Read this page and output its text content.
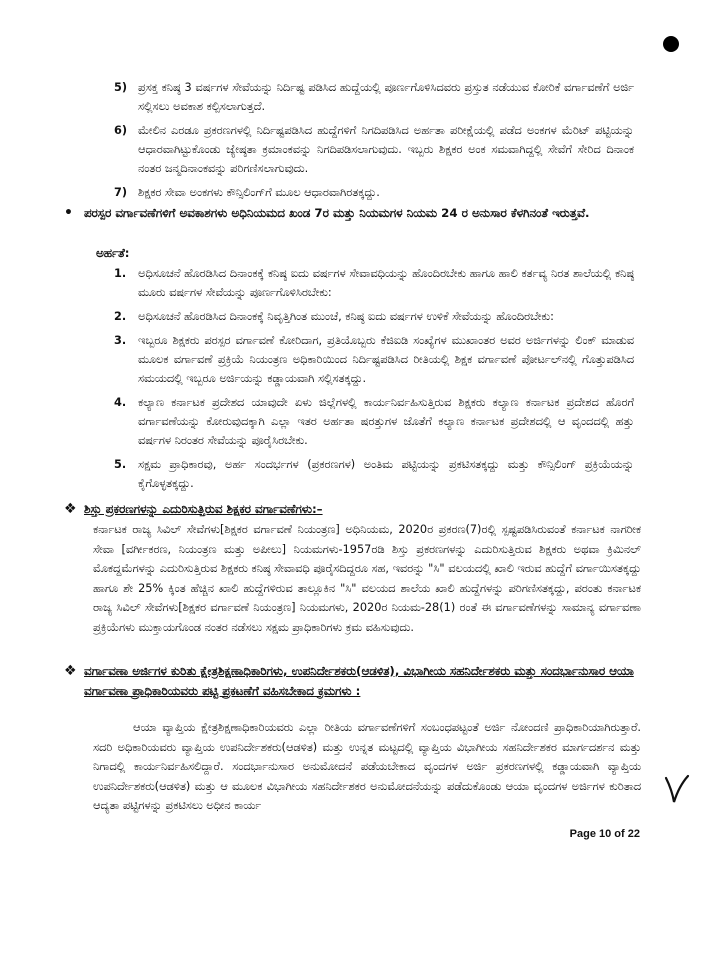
5) ಪ್ರಸಕ್ತ ಕನಿಷ್ಠ 3 ವರ್ಷಗಳ ಸೇವೆಯನ್ನು ನಿರ್ದಿಷ್ಟ ಪಡಿಸಿದ ಹುದ್ದೆಯಲ್ಲಿ ಪೂರ್ಣಗೊಳಿಸಿದವರು ಪ್ರಸ್ತುತ ನಡೆಯುವ ಕೋರಿಕೆ ವರ್ಗಾವಣೆಗೆ ಅರ್ಜಿ ಸಲ್ಲಿಸಲು ಅವಕಾಶ ಕಲ್ಪಿಸಲಾಗುತ್ತದೆ.
6) ಮೇಲಿನ ಎರಡೂ ಪ್ರಕರಣಗಳಲ್ಲಿ ನಿರ್ದಿಷ್ಟಪಡಿಸಿದ ಹುದ್ದೆಗಳಿಗೆ ನಿಗದಿಪಡಿಸಿದ ಅರ್ಹತಾ ಪರೀಕ್ಷೆಯಲ್ಲಿ ಪಡೆದ ಅಂಕಗಳ ಮೆರಿಟ್ ಪಟ್ಟಿಯನ್ನು ಆಧಾರವಾಗಿಟ್ಟುಕೊಂಡು ಜ್ಯೇಷ್ಠತಾ ಕ್ರಮಾಂಕವನ್ನು ನಿಗದಿಪಡಿಸಲಾಗುವುದು. ಇಬ್ಬರು ಶಿಕ್ಷಕರ ಅಂಕ ಸಮವಾಗಿದ್ದಲ್ಲಿ ಸೇವೆಗೆ ಸೇರಿದ ದಿನಾಂಕ ನಂತರ ಜನ್ಮದಿನಾಂಕವನ್ನು ಪರಿಗಣಿಸಲಾಗುವುದು.
7) ಶಿಕ್ಷಕರ ಸೇವಾ ಅಂಕಗಳು ಕೌನ್ಸಿಲಿಂಗ್‌ಗೆ ಮೂಲ ಆಧಾರವಾಗಿರತಕ್ಕದ್ದು.
• ಪರಸ್ಪರ ವರ್ಗಾವಣೆಗಳಿಗೆ ಅವಕಾಶಗಳು ಅಧಿನಿಯಮದ ಖಂಡ 7ರ ಮತ್ತು ನಿಯಮಗಳ ನಿಯಮ 24 ರ ಅನುಸಾರ ಕೆಳಗಿನಂತೆ ಇರುತ್ತವೆ.
ಅರ್ಹತೆ:
1. ಅಧಿಸೂಚನೆ ಹೊರಡಿಸಿದ ದಿನಾಂಕಕ್ಕೆ ಕನಿಷ್ಠ ಐದು ವರ್ಷಗಳ ಸೇವಾವಧಿಯನ್ನು ಹೊಂದಿರಬೇಕು ಹಾಗೂ ಹಾಲಿ ಕರ್ತವ್ಯ ನಿರತ ಶಾಲೆಯಲ್ಲಿ ಕನಿಷ್ಠ ಮೂರು ವರ್ಷಗಳ ಸೇವೆಯನ್ನು ಪೂರ್ಣಗೊಳಿಸಿರಬೇಕು:
2. ಅಧಿಸೂಚನೆ ಹೊರಡಿಸಿದ ದಿನಾಂಕಕ್ಕೆ ನಿವೃತ್ತಿಗಿಂತ ಮುಂಚೆ, ಕನಿಷ್ಠ ಐದು ವರ್ಷಗಳ ಉಳಿಕೆ ಸೇವೆಯನ್ನು ಹೊಂದಿರಬೇಕು:
3. ಇಬ್ಬರೂ ಶಿಕ್ಷಕರು ಪರಸ್ಪರ ವರ್ಗಾವಣೆ ಕೋರಿದಾಗ, ಪ್ರತಿಯೊಬ್ಬರು ಕೆಜಿಐಡಿ ಸಂಖ್ಯೆಗಳ ಮುಖಾಂತರ ಅವರ ಅರ್ಜಿಗಳನ್ನು ಲಿಂಕ್ ಮಾಡುವ ಮೂಲಕ ವರ್ಗಾವಣೆ ಪ್ರಕ್ರಿಯೆ ನಿಯಂತ್ರಣ ಅಧಿಕಾರಿಯಿಂದ ನಿರ್ದಿಷ್ಟಪಡಿಸಿದ ರೀತಿಯಲ್ಲಿ ಶಿಕ್ಷಕ ವರ್ಗಾವಣೆ ಪೋರ್ಟಲ್‌ನಲ್ಲಿ ಗೊತ್ತುಪಡಿಸಿದ ಸಮಯದಲ್ಲಿ ಇಬ್ಬರೂ ಅರ್ಜಿಯನ್ನು ಕಡ್ಡಾಯವಾಗಿ ಸಲ್ಲಿಸತಕ್ಕದ್ದು.
4. ಕಲ್ಯಾಣ ಕರ್ನಾಟಕ ಪ್ರದೇಶದ ಯಾವುದೇ ಏಳು ಜಿಲ್ಲೆಗಳಲ್ಲಿ ಕಾರ್ಯನಿರ್ವಹಿಸುತ್ತಿರುವ ಶಿಕ್ಷಕರು ಕಲ್ಯಾಣ ಕರ್ನಾಟಕ ಪ್ರದೇಶದ ಹೊರಗೆ ವರ್ಗಾವಣೆಯನ್ನು ಕೋರುವುದಕ್ಕಾಗಿ ಎಲ್ಲಾ ಇತರ ಅರ್ಹತಾ ಷರತ್ತುಗಳ ಜೊತೆಗೆ ಕಲ್ಯಾಣ ಕರ್ನಾಟಕ ಪ್ರದೇಶದಲ್ಲಿ ಆ ವೃಂದದಲ್ಲಿ ಹತ್ತು ವರ್ಷಗಳ ನಿರಂತರ ಸೇವೆಯನ್ನು ಪೂರೈಸಿರಬೇಕು.
5. ಸಕ್ಷಮ ಪ್ರಾಧಿಕಾರವು, ಅರ್ಹ ಸಂದರ್ಭಗಳ (ಪ್ರಕರಣಗಳ) ಅಂತಿಮ ಪಟ್ಟಿಯನ್ನು ಪ್ರಕಟಿಸತಕ್ಕದ್ದು ಮತ್ತು ಕೌನ್ಸಿಲಿಂಗ್ ಪ್ರಕ್ರಿಯೆಯನ್ನು ಕೈಗೊಳ್ಳತಕ್ಕದ್ದು.
❖ ಶಿಸ್ತು ಪ್ರಕರಣಗಳನ್ನು ಎದುರಿಸುತ್ತಿರುವ ಶಿಕ್ಷಕರ ವರ್ಗಾವಣೆಗಳು:–
ಕರ್ನಾಟಕ ರಾಜ್ಯ ಸಿವಿಲ್ ಸೇವೆಗಳು[ಶಿಕ್ಷಕರ ವರ್ಗಾವಣೆ ನಿಯಂತ್ರಣ] ಅಧಿನಿಯಮ, 2020ರ ಪ್ರಕರಣ(7)ರಲ್ಲಿ ಸ್ಪಷ್ಟಪಡಿಸಿರುವಂತೆ ಕರ್ನಾಟಕ ನಾಗರೀಕ ಸೇವಾ [ವರ್ಗೀಕರಣ, ನಿಯಂತ್ರಣ ಮತ್ತು ಅಪೀಲು] ನಿಯಮಗಳು-1957ರಡಿ ಶಿಸ್ತು ಪ್ರಕರಣಗಳನ್ನು ಎದುರಿಸುತ್ತಿರುವ ಶಿಕ್ಷಕರು ಅಥವಾ ಕ್ರಿಮಿನಲ್ ಮೊಕದ್ದಮೆಗಳನ್ನು ಎದುರಿಸುತ್ತಿರುವ ಶಿಕ್ಷಕರು ಕನಿಷ್ಠ ಸೇವಾವಧಿ ಪೂರೈಸದಿದ್ದರೂ ಸಹ, ಇವರನ್ನು "ಸಿ" ವಲಯದಲ್ಲಿ ಖಾಲಿ ಇರುವ ಹುದ್ದೆಗೆ ವರ್ಗಾಯಿಸತಕ್ಕದ್ದು ಹಾಗೂ ಶೇ 25% ಕ್ಕಿಂತ ಹೆಚ್ಚಿನ ಖಾಲಿ ಹುದ್ದೆಗಳಿರುವ ತಾಲ್ಲೂಕಿನ "ಸಿ" ವಲಯದ ಶಾಲೆಯ ಖಾಲಿ ಹುದ್ದೆಗಳನ್ನು ಪರಿಗಣಿಸತಕ್ಕದ್ದು, ಪರಂತು ಕರ್ನಾಟಕ ರಾಜ್ಯ ಸಿವಿಲ್ ಸೇವೆಗಳು[ಶಿಕ್ಷಕರ ವರ್ಗಾವಣೆ ನಿಯಂತ್ರಣ] ನಿಯಮಗಳು, 2020ರ ನಿಯಮ-28(1) ರಂತೆ ಈ ವರ್ಗಾವಣೆಗಳನ್ನು ಸಾಮಾನ್ಯ ವರ್ಗಾವಣಾ ಪ್ರಕ್ರಿಯೆಗಳು ಮುಕ್ತಾಯಗೊಂಡ ನಂತರ ನಡೆಸಲು ಸಕ್ಷಮ ಪ್ರಾಧಿಕಾರಿಗಳು ಕ್ರಮ ವಹಿಸುವುದು.
❖ ವರ್ಗಾವಣಾ ಅರ್ಜಿಗಳ ಕುರಿತು ಕ್ಷೇತ್ರಶಿಕ್ಷಣಾಧಿಕಾರಿಗಳು, ಉಪನಿರ್ದೇಶಕರು(ಆಡಳಿತ), ವಿಭಾಗೀಯ ಸಹನಿರ್ದೇಶಕರು ಮತ್ತು ಸಂದರ್ಭಾನುಸಾರ ಆಯಾ ವರ್ಗಾವಣಾ ಪ್ರಾಧಿಕಾರಿಯವರು ಪಟ್ಟಿ ಪ್ರಕಟಣೆಗೆ ವಹಿಸಬೇಕಾದ ಕ್ರಮಗಳು :
ಆಯಾ ವ್ಯಾಪ್ತಿಯ ಕ್ಷೇತ್ರಶಿಕ್ಷಣಾಧಿಕಾರಿಯವರು ಎಲ್ಲಾ ರೀತಿಯ ವರ್ಗಾವಣೆಗಳಿಗೆ ಸಂಬಂಧಪಟ್ಟಂತೆ ಅರ್ಜಿ ನೋಂದಣಿ ಪ್ರಾಧಿಕಾರಿಯಾಗಿರುತ್ತಾರೆ. ಸದರಿ ಅಧಿಕಾರಿಯವರು ವ್ಯಾಪ್ತಿಯ ಉಪನಿರ್ದೇಶಕರು(ಆಡಳಿತ) ಮತ್ತು ಉನ್ನತ ಮಟ್ಟದಲ್ಲಿ ವ್ಯಾಪ್ತಿಯ ವಿಭಾಗೀಯ ಸಹನಿರ್ದೇಶಕರ ಮಾರ್ಗದರ್ಶನ ಮತ್ತು ನಿಗಾದಲ್ಲಿ ಕಾರ್ಯನಿರ್ವಹಿಸಲಿದ್ದಾರೆ. ಸಂದರ್ಭಾನುಸಾರ ಅನುಮೋದನೆ ಪಡೆಯಬೇಕಾದ ವೃಂದಗಳ ಅರ್ಜಿ ಪ್ರಕರಣಗಳಲ್ಲಿ ಕಡ್ಡಾಯವಾಗಿ ವ್ಯಾಪ್ತಿಯ ಉಪನಿರ್ದೇಶಕರು(ಆಡಳಿತ) ಮತ್ತು ಆ ಮೂಲಕ ವಿಭಾಗೀಯ ಸಹನಿರ್ದೇಶಕರ ಅನುಮೋದನೆಯನ್ನು ಪಡೆದುಕೊಂಡು ಆಯಾ ವೃಂದಗಳ ಅರ್ಜಿಗಳ ಕುರಿತಾದ ಆದ್ಯತಾ ಪಟ್ಟಿಗಳನ್ನು ಪ್ರಕಟಿಸಲು ಅಧೀನ ಕಾರ್ಯ
Page 10 of 22
